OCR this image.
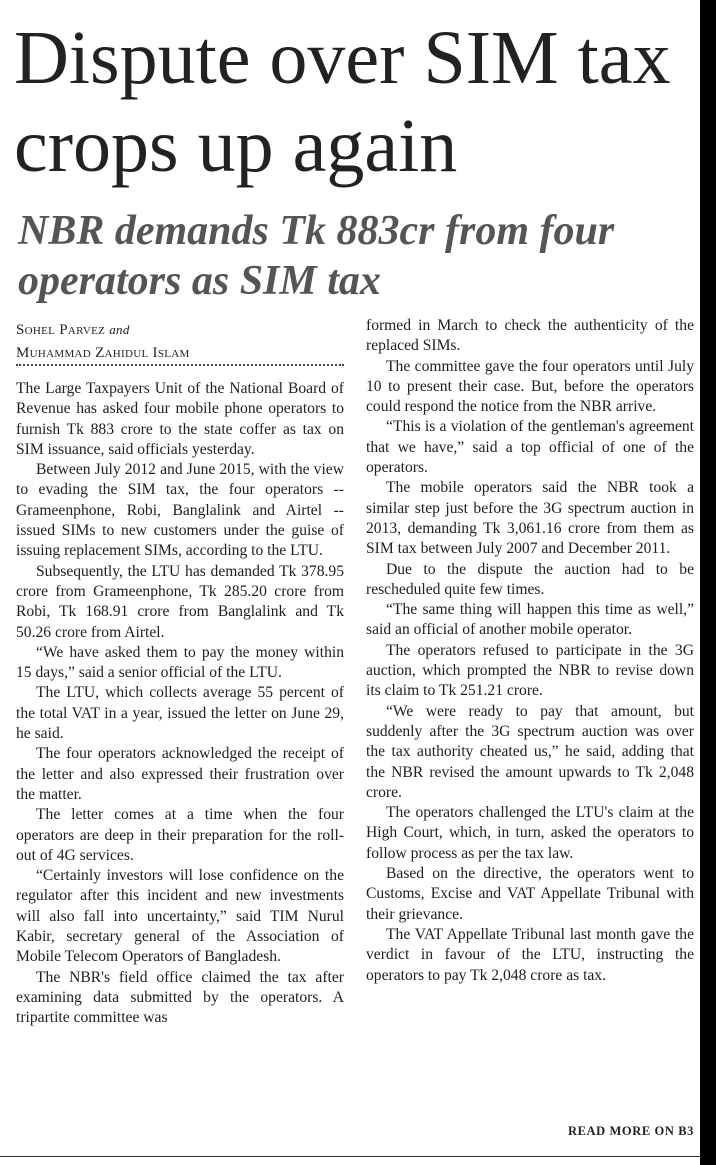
Dispute over SIM tax crops up again
NBR demands Tk 883cr from four operators as SIM tax
Sohel Parvez and
Muhammad Zahidul Islam

The Large Taxpayers Unit of the National Board of Revenue has asked four mobile phone operators to furnish Tk 883 crore to the state coffer as tax on SIM issuance, said officials yesterday.

Between July 2012 and June 2015, with the view to evading the SIM tax, the four operators -- Grameenphone, Robi, Banglalink and Airtel -- issued SIMs to new customers under the guise of issuing replacement SIMs, according to the LTU.

Subsequently, the LTU has demanded Tk 378.95 crore from Grameenphone, Tk 285.20 crore from Robi, Tk 168.91 crore from Banglalink and Tk 50.26 crore from Airtel.

“We have asked them to pay the money within 15 days,” said a senior official of the LTU.

The LTU, which collects average 55 percent of the total VAT in a year, issued the letter on June 29, he said.

The four operators acknowledged the receipt of the letter and also expressed their frustration over the matter.

The letter comes at a time when the four operators are deep in their preparation for the roll-out of 4G services.

“Certainly investors will lose confidence on the regulator after this incident and new investments will also fall into uncertainty,” said TIM Nurul Kabir, secretary general of the Association of Mobile Telecom Operators of Bangladesh.

The NBR's field office claimed the tax after examining data submitted by the operators. A tripartite committee was

formed in March to check the authenticity of the replaced SIMs.

The committee gave the four operators until July 10 to present their case. But, before the operators could respond the notice from the NBR arrive.

“This is a violation of the gentleman's agreement that we have,” said a top official of one of the operators.

The mobile operators said the NBR took a similar step just before the 3G spectrum auction in 2013, demanding Tk 3,061.16 crore from them as SIM tax between July 2007 and December 2011.

Due to the dispute the auction had to be rescheduled quite few times.

“The same thing will happen this time as well,” said an official of another mobile operator.

The operators refused to participate in the 3G auction, which prompted the NBR to revise down its claim to Tk 251.21 crore.

“We were ready to pay that amount, but suddenly after the 3G spectrum auction was over the tax authority cheated us,” he said, adding that the NBR revised the amount upwards to Tk 2,048 crore.

The operators challenged the LTU's claim at the High Court, which, in turn, asked the operators to follow process as per the tax law.

Based on the directive, the operators went to Customs, Excise and VAT Appellate Tribunal with their grievance.

The VAT Appellate Tribunal last month gave the verdict in favour of the LTU, instructing the operators to pay Tk 2,048 crore as tax.

READ MORE ON B3
